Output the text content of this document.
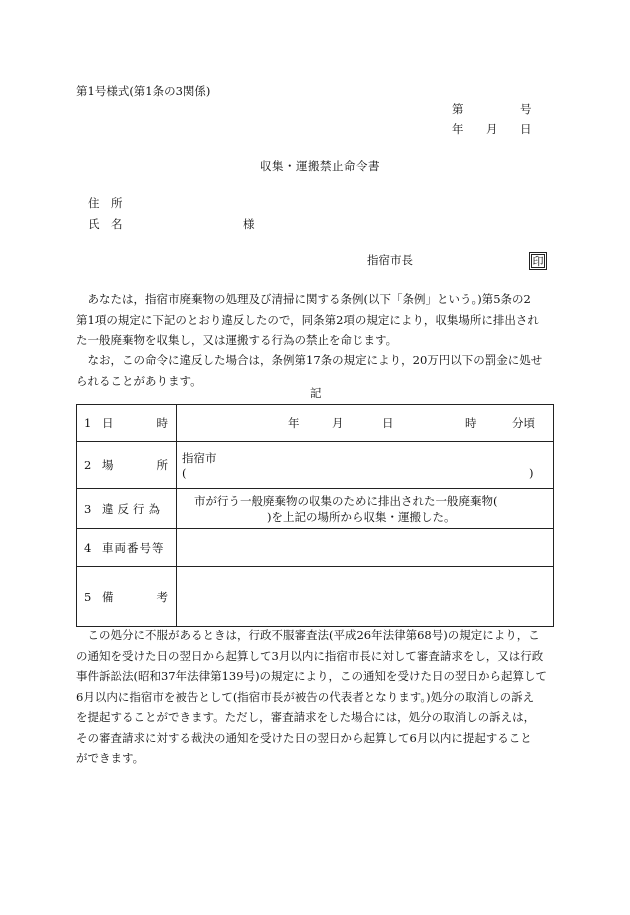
第1号様式(第1条の3関係)
第	号
年 月 日
収集・運搬禁止命令書
住　所
氏　名	様
指宿市長	印
　あなたは，指宿市廃棄物の処理及び清掃に関する条例(以下「条例」という。)第5条の2
第1項の規定に下記のとおり違反したので，同条第2項の規定により，収集場所に排出され
た一般廃棄物を収集し，又は運搬する行為の禁止を命じます。
　なお，この命令に違反した場合は，条例第17条の規定により，20万円以下の罰金に処せ
られることがあります。
記
1 日 時	年 月 日 時 分頃

2 場 所	指宿市
( )

3 違反行為	市が行う一般廃棄物の収集のために排出された一般廃棄物(
)を上記の場所から収集・運搬した。

4 車両番号等	

5 備 考	

　この処分に不服があるときは，行政不服審査法(平成26年法律第68号)の規定により，こ
の通知を受けた日の翌日から起算して3月以内に指宿市長に対して審査請求をし，又は行政
事件訴訟法(昭和37年法律第139号)の規定により，この通知を受けた日の翌日から起算して
6月以内に指宿市を被告として(指宿市長が被告の代表者となります。)処分の取消しの訴え
を提起することができます。ただし，審査請求をした場合には，処分の取消しの訴えは，
その審査請求に対する裁決の通知を受けた日の翌日から起算して6月以内に提起すること
ができます。
